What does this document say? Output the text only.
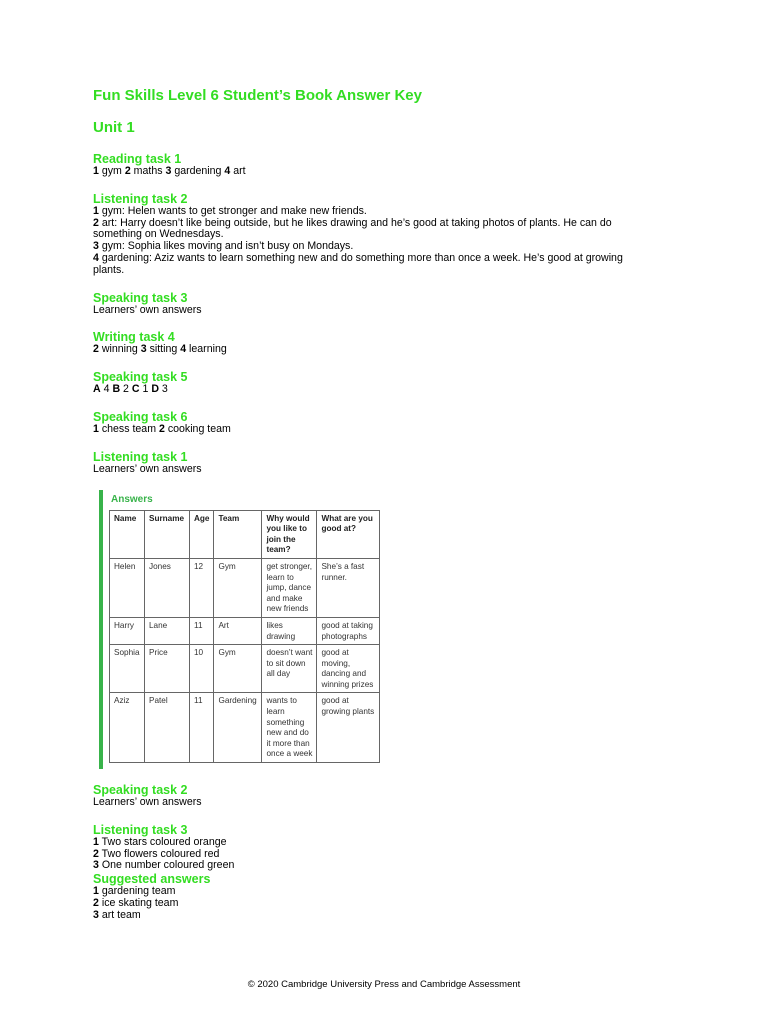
Fun Skills Level 6 Student’s Book Answer Key
Unit 1
Reading task 1
1 gym 2 maths 3 gardening 4 art
Listening task 2
1 gym: Helen wants to get stronger and make new friends.
2 art: Harry doesn’t like being outside, but he likes drawing and he’s good at taking photos of plants. He can do something on Wednesdays.
3 gym: Sophia likes moving and isn’t busy on Mondays.
4 gardening: Aziz wants to learn something new and do something more than once a week. He’s good at growing plants.
Speaking task 3
Learners’ own answers
Writing task 4
2 winning 3 sitting 4 learning
Speaking task 5
A 4 B 2 C 1 D 3
Speaking task 6
1 chess team 2 cooking team
Listening task 1
Learners’ own answers
Answers
Name	Surname	Age	Team	Why would you like to join the team?	What are you good at?
Helen	Jones	12	Gym	get stronger, learn to jump, dance and make new friends	She’s a fast runner.
Harry	Lane	11	Art	likes drawing	good at taking photographs
Sophia	Price	10	Gym	doesn’t want to sit down all day	good at moving, dancing and winning prizes
Aziz	Patel	11	Gardening	wants to learn something new and do it more than once a week	good at growing plants
Speaking task 2
Learners’ own answers
Listening task 3
1 Two stars coloured orange
2 Two flowers coloured red
3 One number coloured green
Suggested answers
1 gardening team
2 ice skating team
3 art team
© 2020 Cambridge University Press and Cambridge Assessment
